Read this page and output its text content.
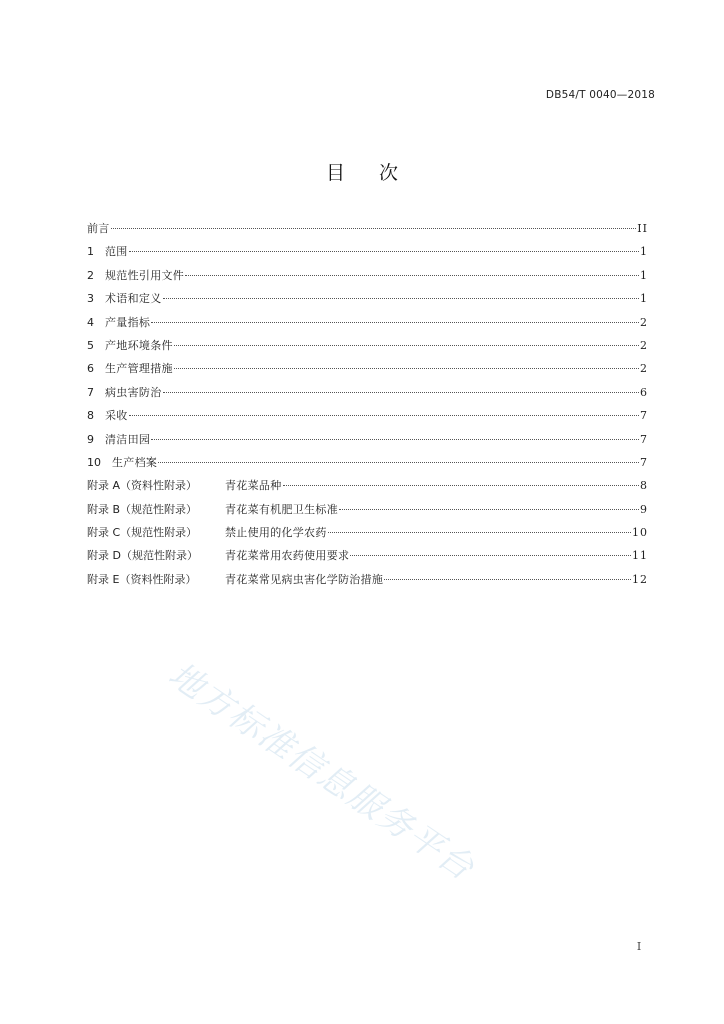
DB54/T 0040—2018
目 次
前言	II
1	范围	1
2	规范性引用文件	1
3	术语和定义	1
4	产量指标	2
5	产地环境条件	2
6	生产管理措施	2
7	病虫害防治	6
8	采收	7
9	清洁田园	7
10	生产档案	7
附录 A（资料性附录）	青花菜品种	8
附录 B（规范性附录）	青花菜有机肥卫生标准	9
附录 C（规范性附录）	禁止使用的化学农药	10
附录 D（规范性附录）	青花菜常用农药使用要求	11
附录 E（资料性附录）	青花菜常见病虫害化学防治措施	12
地方标准信息服务平台
I
